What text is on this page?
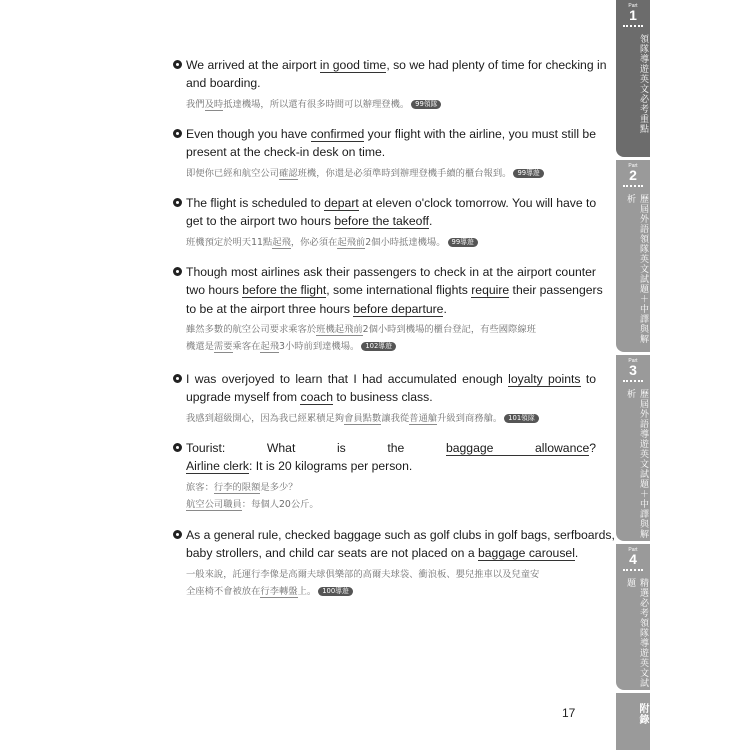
We arrived at the airport in good time, so we had plenty of time for checking in
and boarding.
我們及時抵達機場，所以還有很多時間可以辦理登機。 99領隊
Even though you have confirmed your flight with the airline, you must still be
present at the check-in desk on time.
即便你已經和航空公司確認班機，你還是必須準時到辦理登機手續的櫃台報到。 99導遊
The flight is scheduled to depart at eleven o'clock tomorrow. You will have to
get to the airport two hours before the takeoff.
班機預定於明天11點起飛，你必須在起飛前2個小時抵達機場。 99導遊
Though most airlines ask their passengers to check in at the airport counter
two hours before the flight, some international flights require their passengers
to be at the airport three hours before departure.
雖然多數的航空公司要求乘客於班機起飛前2個小時到機場的櫃台登記，有些國際線班
機還是需要乘客在起飛3小時前到達機場。 102導遊
I was overjoyed to learn that I had accumulated enough loyalty points to
upgrade myself from coach to business class.
我感到超級開心，因為我已經累積足夠會員點數讓我從普通艙升級到商務艙。 101領隊
Tourist: What is the baggage allowance?
Airline clerk: It is 20 kilograms per person.
旅客：行李的限額是多少？
航空公司職員：每個人20公斤。
As a general rule, checked baggage such as golf clubs in golf bags, serfboards,
baby strollers, and child car seats are not placed on a baggage carousel.
一般來說，託運行李像是高爾夫球俱樂部的高爾夫球袋、衝浪板、嬰兒推車以及兒童安
全座椅不會被放在行李轉盤上。 100導遊
17
Part
1
領隊導遊英文必考重點
Part
2
歷屆外語領隊英文試題＋中譯與解析
Part
3
歷屆外語導遊英文試題＋中譯與解析
Part
4
精選必考領隊導遊英文試題
附錄
